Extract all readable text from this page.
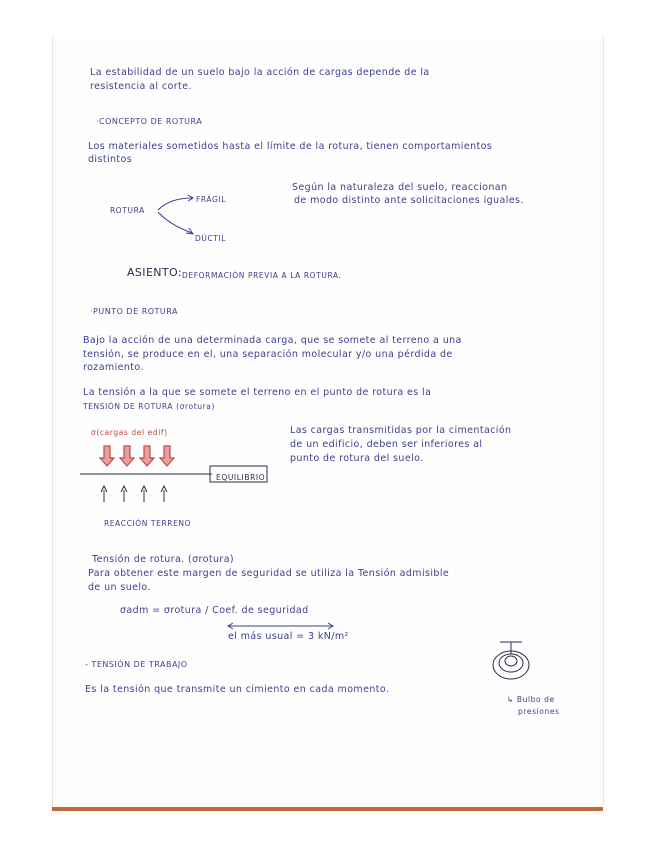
La estabilidad de un suelo bajo la acción de cargas depende de la
resistencia al corte.
·CONCEPTO DE ROTURA
Los materiales sometidos hasta el límite de la rotura, tienen comportamientos
distintos
ROTURA
FRÁGIL
DÚCTIL
Según la naturaleza del suelo, reaccionan
de modo distinto ante solicitaciones iguales.
ASIENTO: DEFORMACIÓN PREVIA A LA ROTURA.
·PUNTO DE ROTURA
Bajo la acción de una determinada carga, que se somete al terreno a una
tensión, se produce en el, una separación molecular y/o una pérdida de
rozamiento.
La tensión a la que se somete el terreno en el punto de rotura es la
TENSIÓN DE ROTURA (σrotura)
σ(cargas del edif)
EQUILIBRIO
REACCIÓN TERRENO
Las cargas transmitidas por la cimentación
de un edificio, deben ser inferiores al
punto de rotura del suelo.
Tensión de rotura. (σrotura)
Para obtener este margen de seguridad se utiliza la Tensión admisible
de un suelo.
σadm = σrotura / Coef. de seguridad
el más usual = 3 kN/m²
- TENSIÓN DE TRABAJO
Es la tensión que transmite un cimiento en cada momento.
↳ Bulbo de
presiones
